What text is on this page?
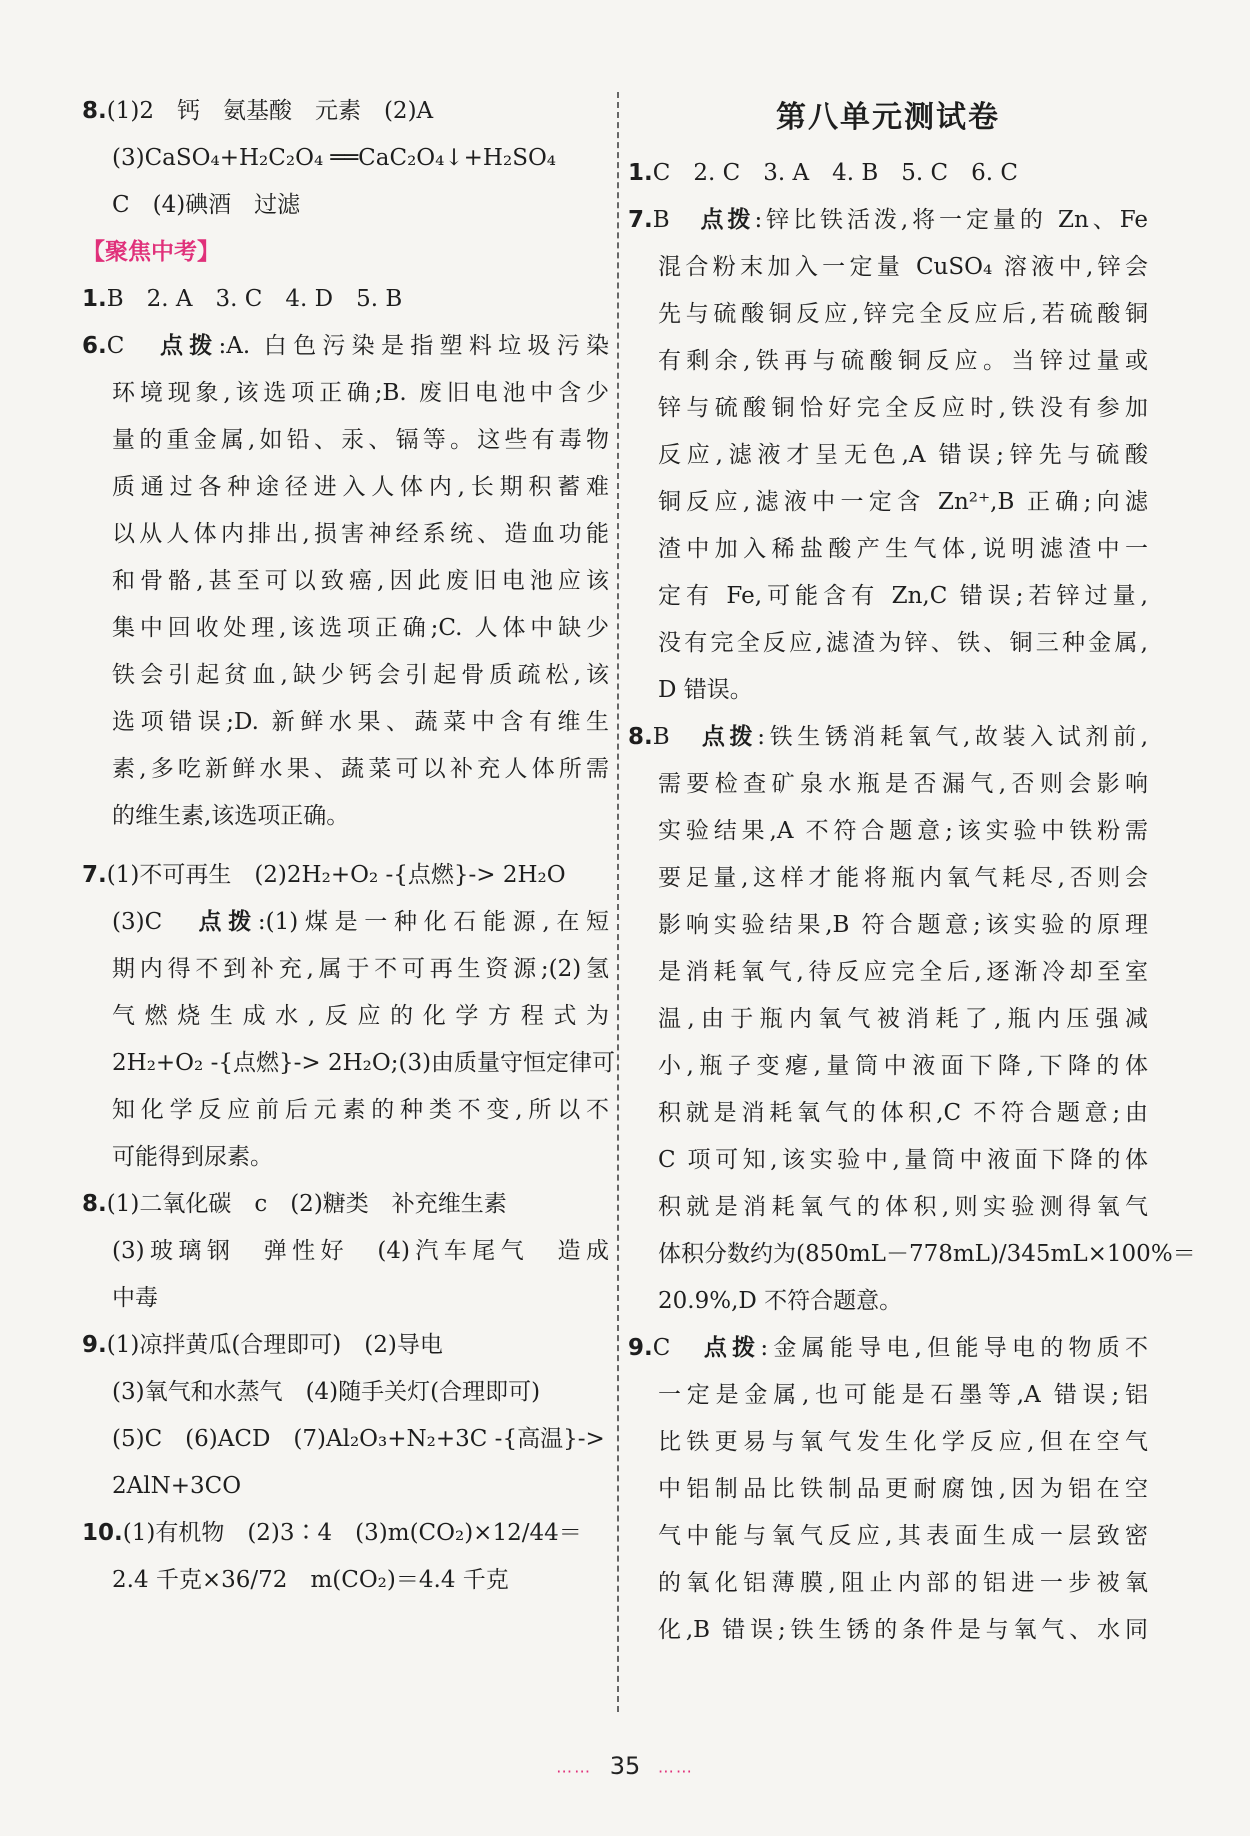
8.(1)2　钙　氨基酸　元素　(2)A
(3)CaSO₄+H₂C₂O₄ ══CaC₂O₄↓+H₂SO₄
C　(4)碘酒　过滤
【聚焦中考】
1.B　2. A　3. C　4. D　5. B
6.C　点拨:A. 白色污染是指塑料垃圾污染
环境现象,该选项正确;B. 废旧电池中含少
量的重金属,如铅、汞、镉等。这些有毒物
质通过各种途径进入人体内,长期积蓄难
以从人体内排出,损害神经系统、造血功能
和骨骼,甚至可以致癌,因此废旧电池应该
集中回收处理,该选项正确;C. 人体中缺少
铁会引起贫血,缺少钙会引起骨质疏松,该
选项错误;D. 新鲜水果、蔬菜中含有维生
素,多吃新鲜水果、蔬菜可以补充人体所需
的维生素,该选项正确。
7.(1)不可再生　(2)2H₂+O₂ -{点燃}-> 2H₂O
(3)C　点拨:(1)煤是一种化石能源,在短
期内得不到补充,属于不可再生资源;(2)氢
气燃烧生成水,反应的化学方程式为
2H₂+O₂ -{点燃}-> 2H₂O;(3)由质量守恒定律可
知化学反应前后元素的种类不变,所以不
可能得到尿素。
8.(1)二氧化碳　c　(2)糖类　补充维生素
(3)玻璃钢　弹性好　(4)汽车尾气　造成
中毒
9.(1)凉拌黄瓜(合理即可)　(2)导电
(3)氧气和水蒸气　(4)随手关灯(合理即可)
(5)C　(6)ACD　(7)Al₂O₃+N₂+3C -{高温}->
2AlN+3CO
10.(1)有机物　(2)3∶4　(3)m(CO₂)×12/44＝
2.4 千克×36/72　m(CO₂)＝4.4 千克
第八单元测试卷
1.C　2. C　3. A　4. B　5. C　6. C
7.B　点拨:锌比铁活泼,将一定量的 Zn、Fe
混合粉末加入一定量 CuSO₄ 溶液中,锌会
先与硫酸铜反应,锌完全反应后,若硫酸铜
有剩余,铁再与硫酸铜反应。当锌过量或
锌与硫酸铜恰好完全反应时,铁没有参加
反应,滤液才呈无色,A 错误;锌先与硫酸
铜反应,滤液中一定含 Zn²⁺,B 正确;向滤
渣中加入稀盐酸产生气体,说明滤渣中一
定有 Fe,可能含有 Zn,C 错误;若锌过量,
没有完全反应,滤渣为锌、铁、铜三种金属,
D 错误。
8.B　点拨:铁生锈消耗氧气,故装入试剂前,
需要检查矿泉水瓶是否漏气,否则会影响
实验结果,A 不符合题意;该实验中铁粉需
要足量,这样才能将瓶内氧气耗尽,否则会
影响实验结果,B 符合题意;该实验的原理
是消耗氧气,待反应完全后,逐渐冷却至室
温,由于瓶内氧气被消耗了,瓶内压强减
小,瓶子变瘪,量筒中液面下降,下降的体
积就是消耗氧气的体积,C 不符合题意;由
C 项可知,该实验中,量筒中液面下降的体
积就是消耗氧气的体积,则实验测得氧气
体积分数约为(850mL－778mL)/345mL×100%＝
20.9%,D 不符合题意。
9.C　点拨:金属能导电,但能导电的物质不
一定是金属,也可能是石墨等,A 错误;铝
比铁更易与氧气发生化学反应,但在空气
中铝制品比铁制品更耐腐蚀,因为铝在空
气中能与氧气反应,其表面生成一层致密
的氧化铝薄膜,阻止内部的铝进一步被氧
化,B 错误;铁生锈的条件是与氧气、水同
…… 35 ……
